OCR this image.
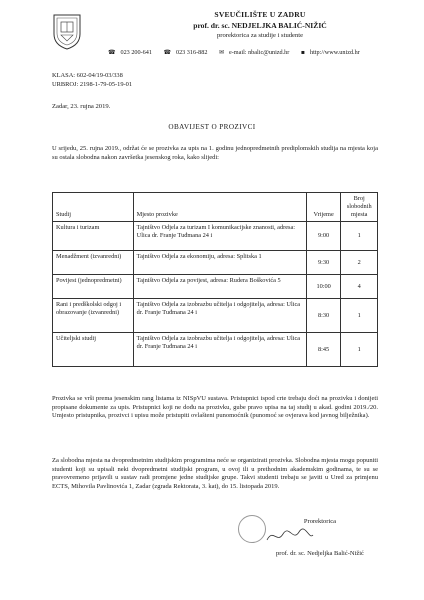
SVEUČILIŠTE U ZADRU
prof. dr. sc. NEDJELJKA BALIĆ-NIŽIĆ
prorektorica za studije i studente
☎ 023 200-641 ☎ 023 316-882 ✉ e-mail: nbalic@unizd.hr ▪ http://www.unizd.hr
KLASA: 602-04/19-03/338
URBROJ: 2198-1-79-05-19-01
Zadar, 23. rujna 2019.
OBAVIJEST O PROZIVCI
U srijedu, 25. rujna 2019., održat će se prozivka za upis na 1. godinu jednopredmetnih prediplomskih studija na mjesta koja su ostala slobodna nakon završetka jesenskog roka, kako slijedi:
Studij	Mjesto prozivke	Vrijeme	Broj slobodnih mjesta
Kultura i turizam	Tajništvo Odjela za turizam I komunikacijske znanosti, adresa: Ulica dr. Franje Tuđmana 24 i	9:00	1
Menadžment (izvanredni)	Tajništvo Odjela za ekonomiju, adresa: Splitska 1	9:30	2
Povijest (jednopredmetni)	Tajništvo Odjela za povijest, adresa: Rudera Boškovića 5	10:00	4
Rani i predškolski odgoj i obrazovanje (izvanredni)	Tajništvo Odjela za izobrazbu učitelja i odgojitelja, adresa: Ulica dr. Franje Tuđmana 24 i	8:30	1
Učiteljski studij	Tajništvo Odjela za izobrazbu učitelja i odgojitelja, adresa: Ulica dr. Franje Tuđmana 24 i	8:45	1
Prozivka se vrši prema jesenskim rang listama iz NISpVU sustava. Pristupnici ispod crte trebaju doći na prozivku i donijeti propisane dokumente za upis. Pristupnici koji ne dođu na prozivku, gube pravo upisa na taj studij u akad. godini 2019./20. Umjesto pristupnika, prozivci i upisu može pristupiti ovlašteni punomoćnik (punomoć se ovjerava kod javnog bilježnika).
Za slobodna mjesta na dvopredmetnim studijskim programima neće se organizirati prozivka. Slobodna mjesta mogu popuniti studenti koji su upisali neki dvopredmetni studijski program, u ovoj ili u prethodnim akademskim godinama, te su se pravovremeno prijavili u sustav radi promjene jedne studijske grupe. Takvi studenti trebaju se javiti u Ured za primjenu ECTS, Mihovila Pavlinovića 1, Zadar (zgrada Rektorata, 3. kat), do 15. listopada 2019.
Prorektorica
prof. dr. sc. Nedjeljka Balić-Nižić
